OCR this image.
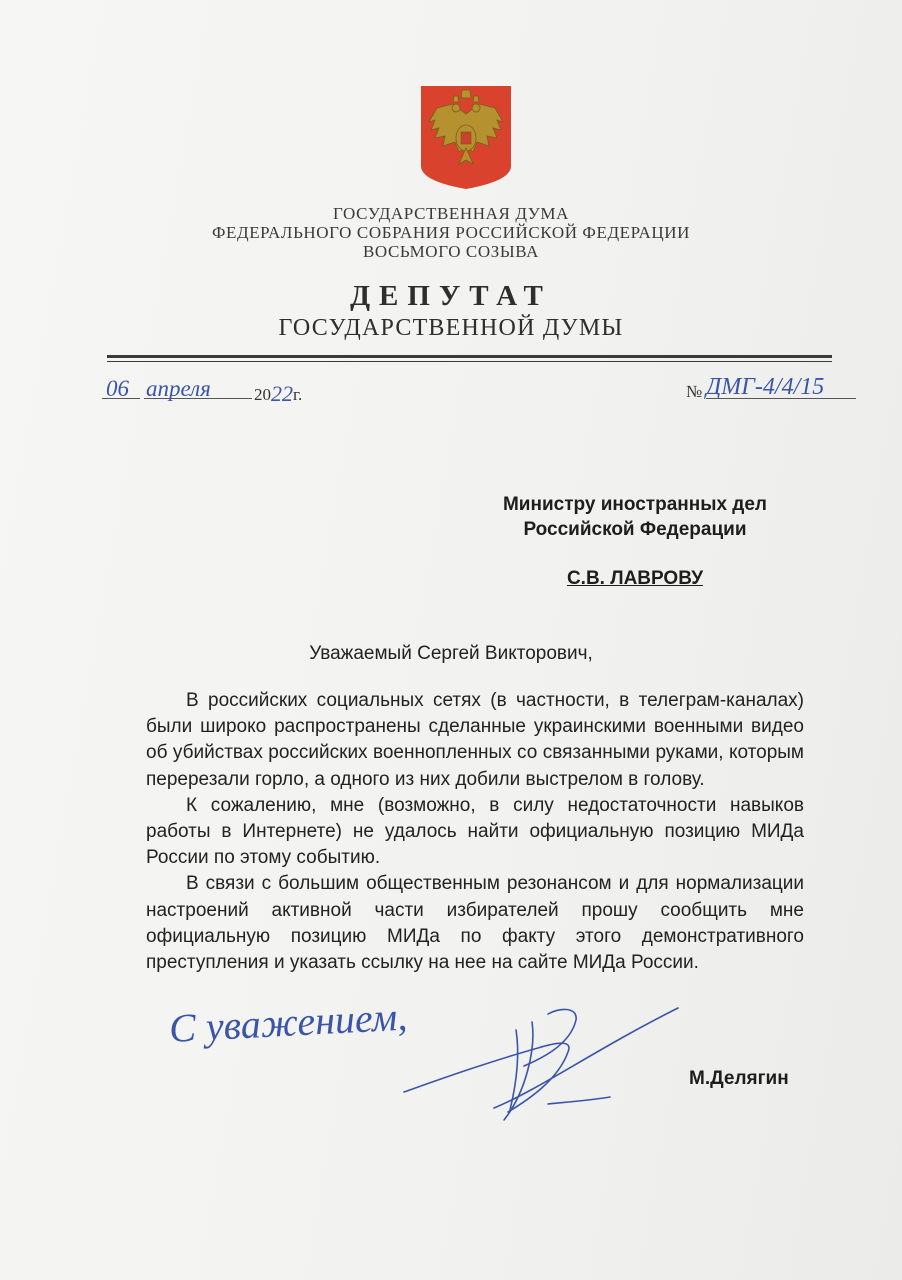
ГОСУДАРСТВЕННАЯ ДУМА
ФЕДЕРАЛЬНОГО СОБРАНИЯ РОССИЙСКОЙ ФЕДЕРАЦИИ
ВОСЬМОГО СОЗЫВА
ДЕПУТАТ
ГОСУДАРСТВЕННОЙ ДУМЫ
06 апреля	2022г.	№ ДМГ-4/4/15
Министру иностранных дел
Российской Федерации
С.В. ЛАВРОВУ
Уважаемый Сергей Викторович,

В российских социальных сетях (в частности, в телеграм-каналах) были широко распространены сделанные украинскими военными видео об убийствах российских военнопленных со связанными руками, которым перерезали горло, а одного из них добили выстрелом в голову.

К сожалению, мне (возможно, в силу недостаточности навыков работы в Интернете) не удалось найти официальную позицию МИДа России по этому событию.

В связи с большим общественным резонансом и для нормализации настроений активной части избирателей прошу сообщить мне официальную позицию МИДа по факту этого демонстративного преступления и указать ссылку на нее на сайте МИДа России.

С уважением,
М.Делягин
